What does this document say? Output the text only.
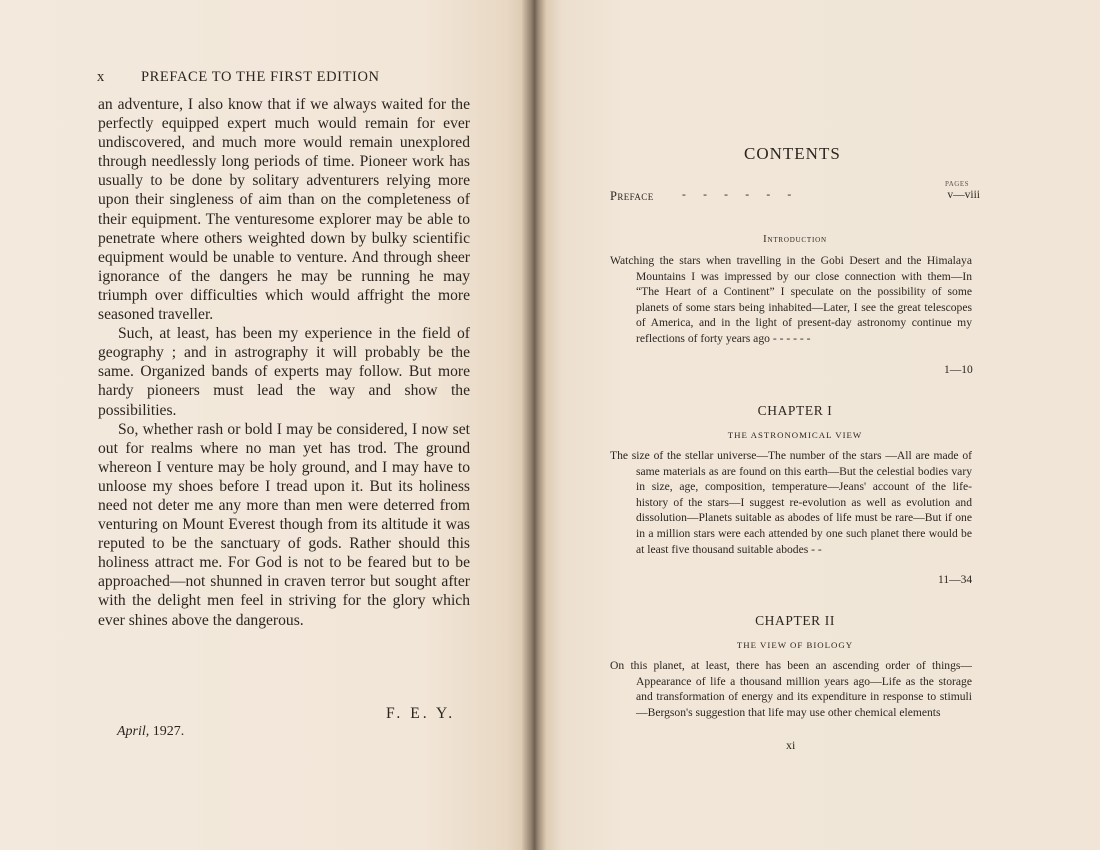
x PREFACE TO THE FIRST EDITION

an adventure, I also know that if we always waited for the perfectly equipped expert much would remain for ever undiscovered, and much more would remain unexplored through needlessly long periods of time. Pioneer work has usually to be done by solitary adventurers relying more upon their singleness of aim than on the completeness of their equipment. The venturesome explorer may be able to penetrate where others weighted down by bulky scientific equipment would be unable to venture. And through sheer ignorance of the dangers he may be running he may triumph over difficulties which would affright the more seasoned traveller.

Such, at least, has been my experience in the field of geography ; and in astrography it will probably be the same. Organized bands of experts may follow. But more hardy pioneers must lead the way and show the possibilities.

So, whether rash or bold I may be considered, I now set out for realms where no man yet has trod. The ground whereon I venture may be holy ground, and I may have to unloose my shoes before I tread upon it. But its holiness need not deter me any more than men were deterred from venturing on Mount Everest though from its altitude it was reputed to be the sanctuary of gods. Rather should this holiness attract me. For God is not to be feared but to be approached—not shunned in craven terror but sought after with the delight men feel in striving for the glory which ever shines above the dangerous.

F. E. Y.
April, 1927.
CONTENTS
PAGES
Preface -      -      -      -      -      -	v—viii
Introduction
Watching the stars when travelling in the Gobi Desert and the Himalaya Mountains I was impressed by our close connection with them—In “The Heart of a Continent” I speculate on the possibility of some planets of some stars being inhabited—Later, I see the great telescopes of America, and in the light of present-day astronomy continue my reflections of forty years ago - - - - - -
1—10
CHAPTER I
THE ASTRONOMICAL VIEW
The size of the stellar universe—The number of the stars —All are made of same materials as are found on this earth—But the celestial bodies vary in size, age, composition, temperature—Jeans' account of the life-history of the stars—I suggest re-evolution as well as evolution and dissolution—Planets suitable as abodes of life must be rare—But if one in a million stars were each attended by one such planet there would be at least five thousand suitable abodes - -
11—34
CHAPTER II
THE VIEW OF BIOLOGY
On this planet, at least, there has been an ascending order of things—Appearance of life a thousand million years ago—Life as the storage and transformation of energy and its expenditure in response to stimuli—Bergson's suggestion that life may use other chemical elements
xi
